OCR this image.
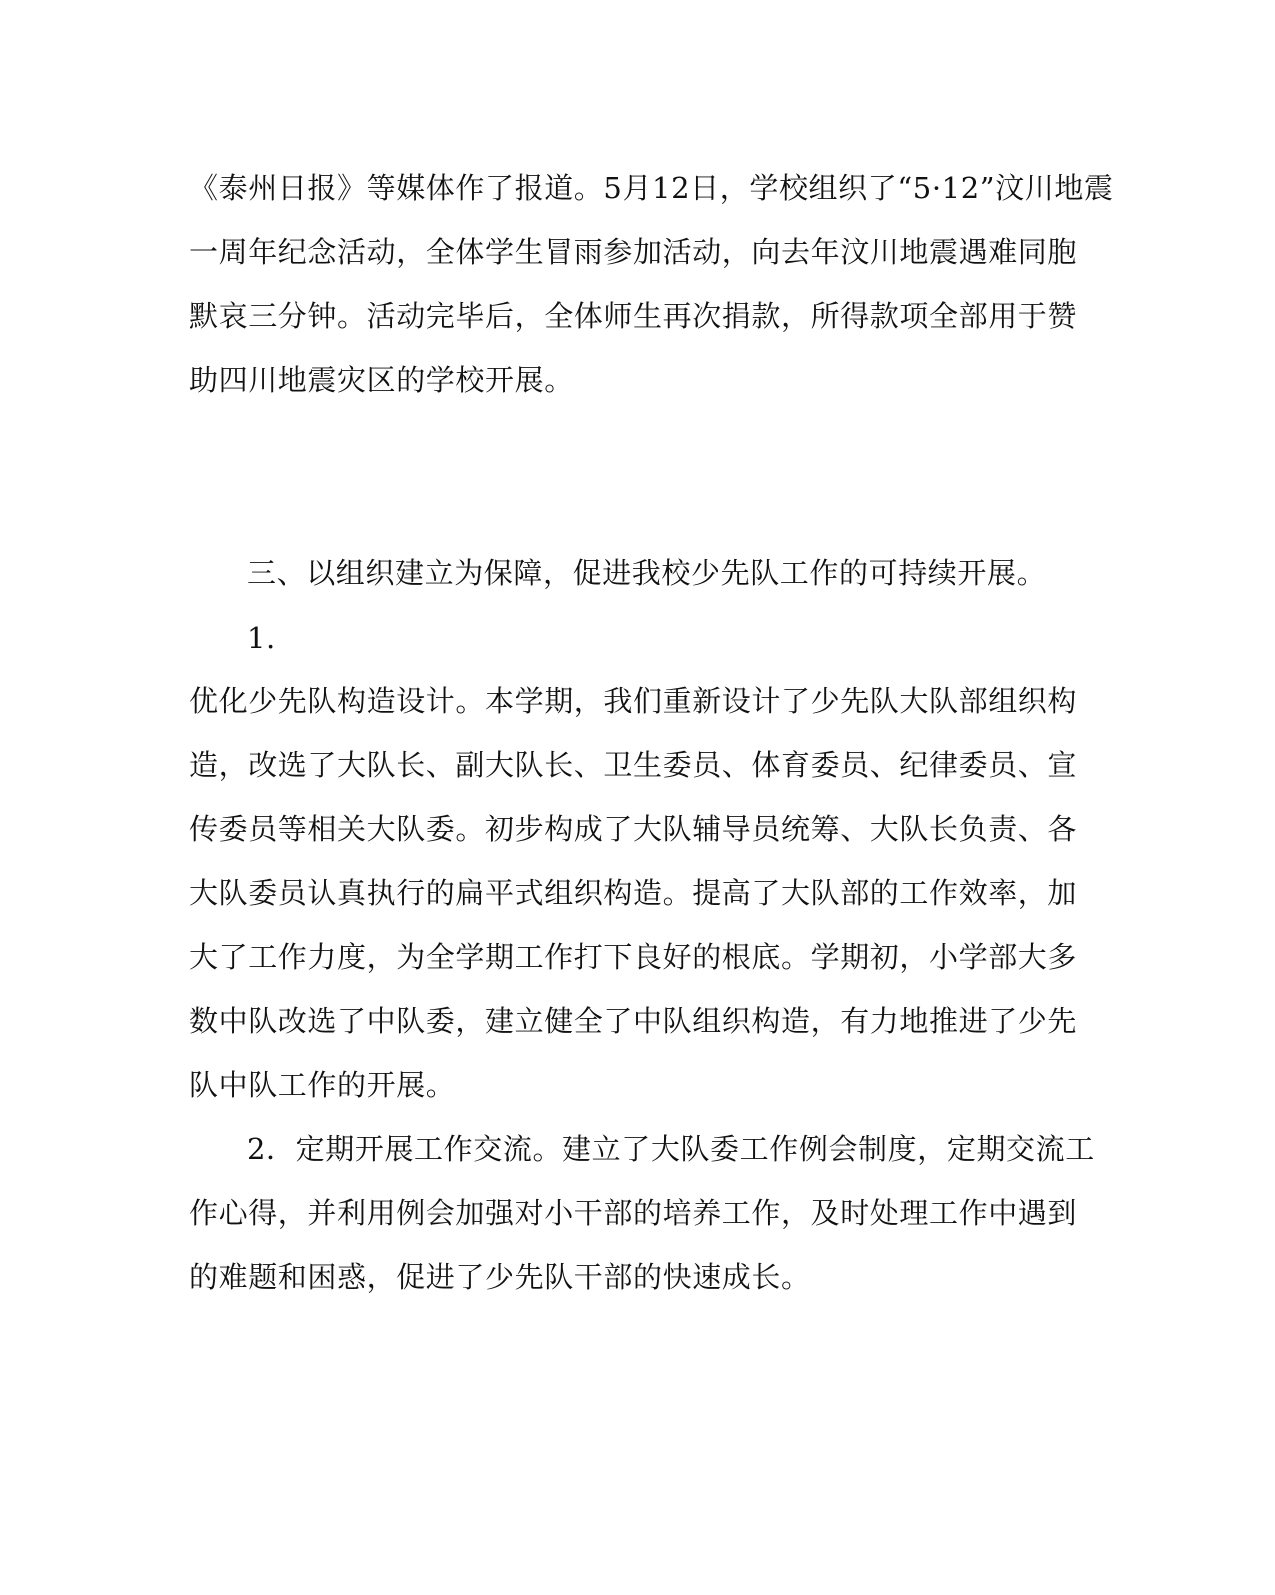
《泰州日报》等媒体作了报道。5月12日，学校组织了“5·12”汶川地震
一周年纪念活动，全体学生冒雨参加活动，向去年汶川地震遇难同胞
默哀三分钟。活动完毕后，全体师生再次捐款，所得款项全部用于赞
助四川地震灾区的学校开展。
三、以组织建立为保障，促进我校少先队工作的可持续开展。
1.
优化少先队构造设计。本学期，我们重新设计了少先队大队部组织构
造，改选了大队长、副大队长、卫生委员、体育委员、纪律委员、宣
传委员等相关大队委。初步构成了大队辅导员统筹、大队长负责、各
大队委员认真执行的扁平式组织构造。提高了大队部的工作效率，加
大了工作力度，为全学期工作打下良好的根底。学期初，小学部大多
数中队改选了中队委，建立健全了中队组织构造，有力地推进了少先
队中队工作的开展。
2．定期开展工作交流。建立了大队委工作例会制度，定期交流工
作心得，并利用例会加强对小干部的培养工作，及时处理工作中遇到
的难题和困惑，促进了少先队干部的快速成长。
